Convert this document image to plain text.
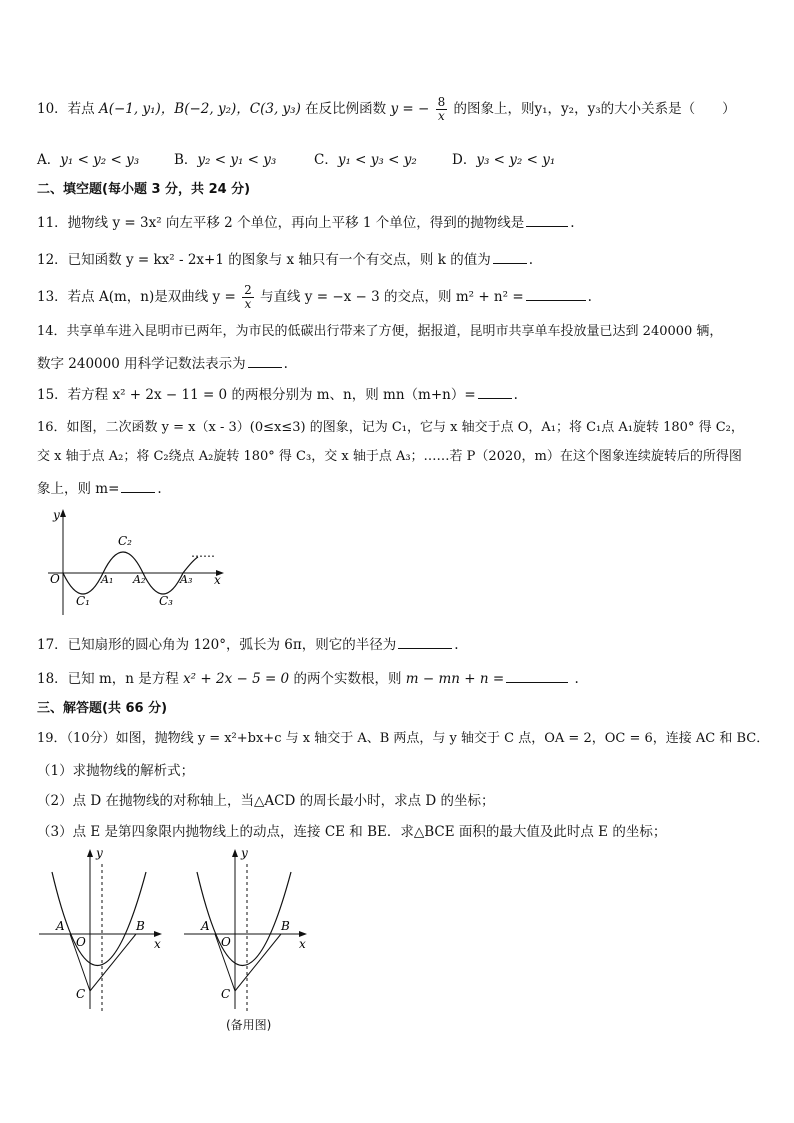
10．若点 A(−1, y₁)，B(−2, y₂)，C(3, y₃) 在反比例函数 y = − $\frac{8}{x}$ 的图象上，则y₁，y₂，y₃的大小关系是（　　）
A．y₁ < y₂ < y₃	B．y₂ < y₁ < y₃	C．y₁ < y₃ < y₂	D．y₃ < y₂ < y₁
二、填空题(每小题 3 分，共 24 分)
11．抛物线 y = 3x² 向左平移 2 个单位，再向上平移 1 个单位，得到的抛物线是	.
12．已知函数 y = kx² - 2x+1 的图象与 x 轴只有一个有交点，则 k 的值为	.
13．若点 A(m，n)是双曲线 $y = \frac{2}{x}$ 与直线 y = −x − 3 的交点，则 m² + n² =	.
14．共享单车进入昆明市已两年，为市民的低碳出行带来了方便，据报道，昆明市共享单车投放量已达到 240000 辆，
数字 240000 用科学记数法表示为	.
15．若方程 x² + 2x − 11 = 0 的两根分别为 m、n，则 mn（m+n）=	.
16．如图，二次函数 y = x（x - 3）(0≤x≤3) 的图象，记为 C₁，它与 x 轴交于点 O，A₁；将 C₁点 A₁旋转 180° 得 C₂，
交 x 轴于点 A₂；将 C₂绕点 A₂旋转 180° 得 C₃，交 x 轴于点 A₃；……若 P（2020，m）在这个图象连续旋转后的所得图
象上，则 m=	.
y
x
O
C₁
C₂
C₃
A₁ A₂	A₃
……
17．已知扇形的圆心角为 120°，弧长为 6π，则它的半径为	.
18．已知 m，n 是方程 x² + 2x − 5 = 0 的两个实数根，则 m − mn + n =	.
三、解答题(共 66 分)
19．（10分）如图，抛物线 y = x²+bx+c 与 x 轴交于 A、B 两点，与 y 轴交于 C 点，OA = 2，OC = 6，连接 AC 和 BC．
（1）求抛物线的解析式；
（2）点 D 在抛物线的对称轴上，当△ACD 的周长最小时，求点 D 的坐标；
（3）点 E 是第四象限内抛物线上的动点，连接 CE 和 BE．求△BCE 面积的最大值及此时点 E 的坐标；
y
x
A	B
C
O
y
x
A	B
C
O
(备用图)
